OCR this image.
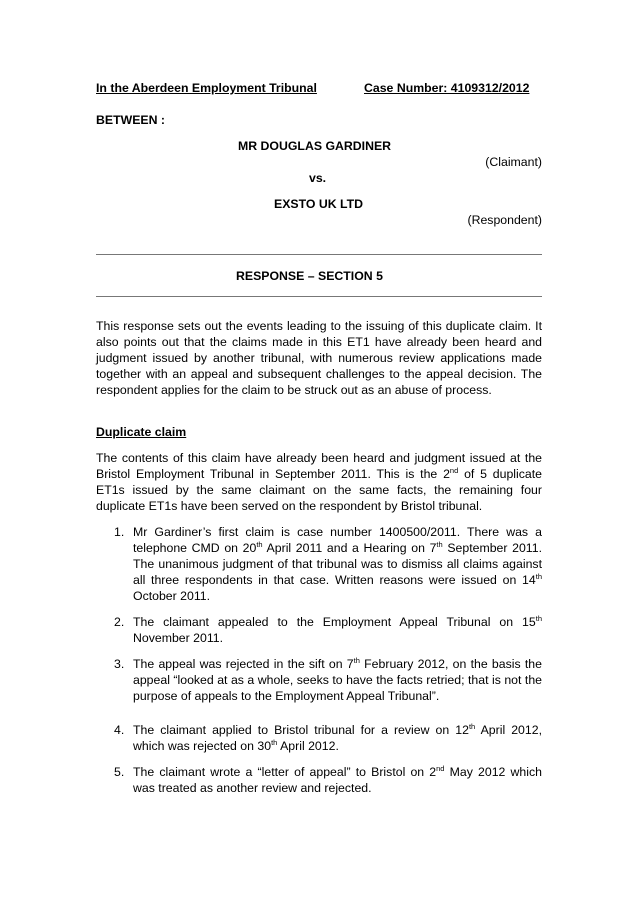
In the Aberdeen Employment Tribunal	Case Number: 4109312/2012
BETWEEN :
MR DOUGLAS GARDINER
(Claimant)
vs.
EXSTO UK LTD
(Respondent)
RESPONSE – SECTION 5

This response sets out the events leading to the issuing of this duplicate claim. It also points out that the claims made in this ET1 have already been heard and judgment issued by another tribunal, with numerous review applications made together with an appeal and subsequent challenges to the appeal decision. The respondent applies for the claim to be struck out as an abuse of process.

Duplicate claim

The contents of this claim have already been heard and judgment issued at the Bristol Employment Tribunal in September 2011. This is the 2nd of 5 duplicate ET1s issued by the same claimant on the same facts, the remaining four duplicate ET1s have been served on the respondent by Bristol tribunal.

1. Mr Gardiner’s first claim is case number 1400500/2011. There was a telephone CMD on 20th April 2011 and a Hearing on 7th September 2011. The unanimous judgment of that tribunal was to dismiss all claims against all three respondents in that case. Written reasons were issued on 14th October 2011.

2. The claimant appealed to the Employment Appeal Tribunal on 15th November 2011.

3. The appeal was rejected in the sift on 7th February 2012, on the basis the appeal “looked at as a whole, seeks to have the facts retried; that is not the purpose of appeals to the Employment Appeal Tribunal”.

4. The claimant applied to Bristol tribunal for a review on 12th April 2012, which was rejected on 30th April 2012.

5. The claimant wrote a “letter of appeal” to Bristol on 2nd May 2012 which was treated as another review and rejected.
